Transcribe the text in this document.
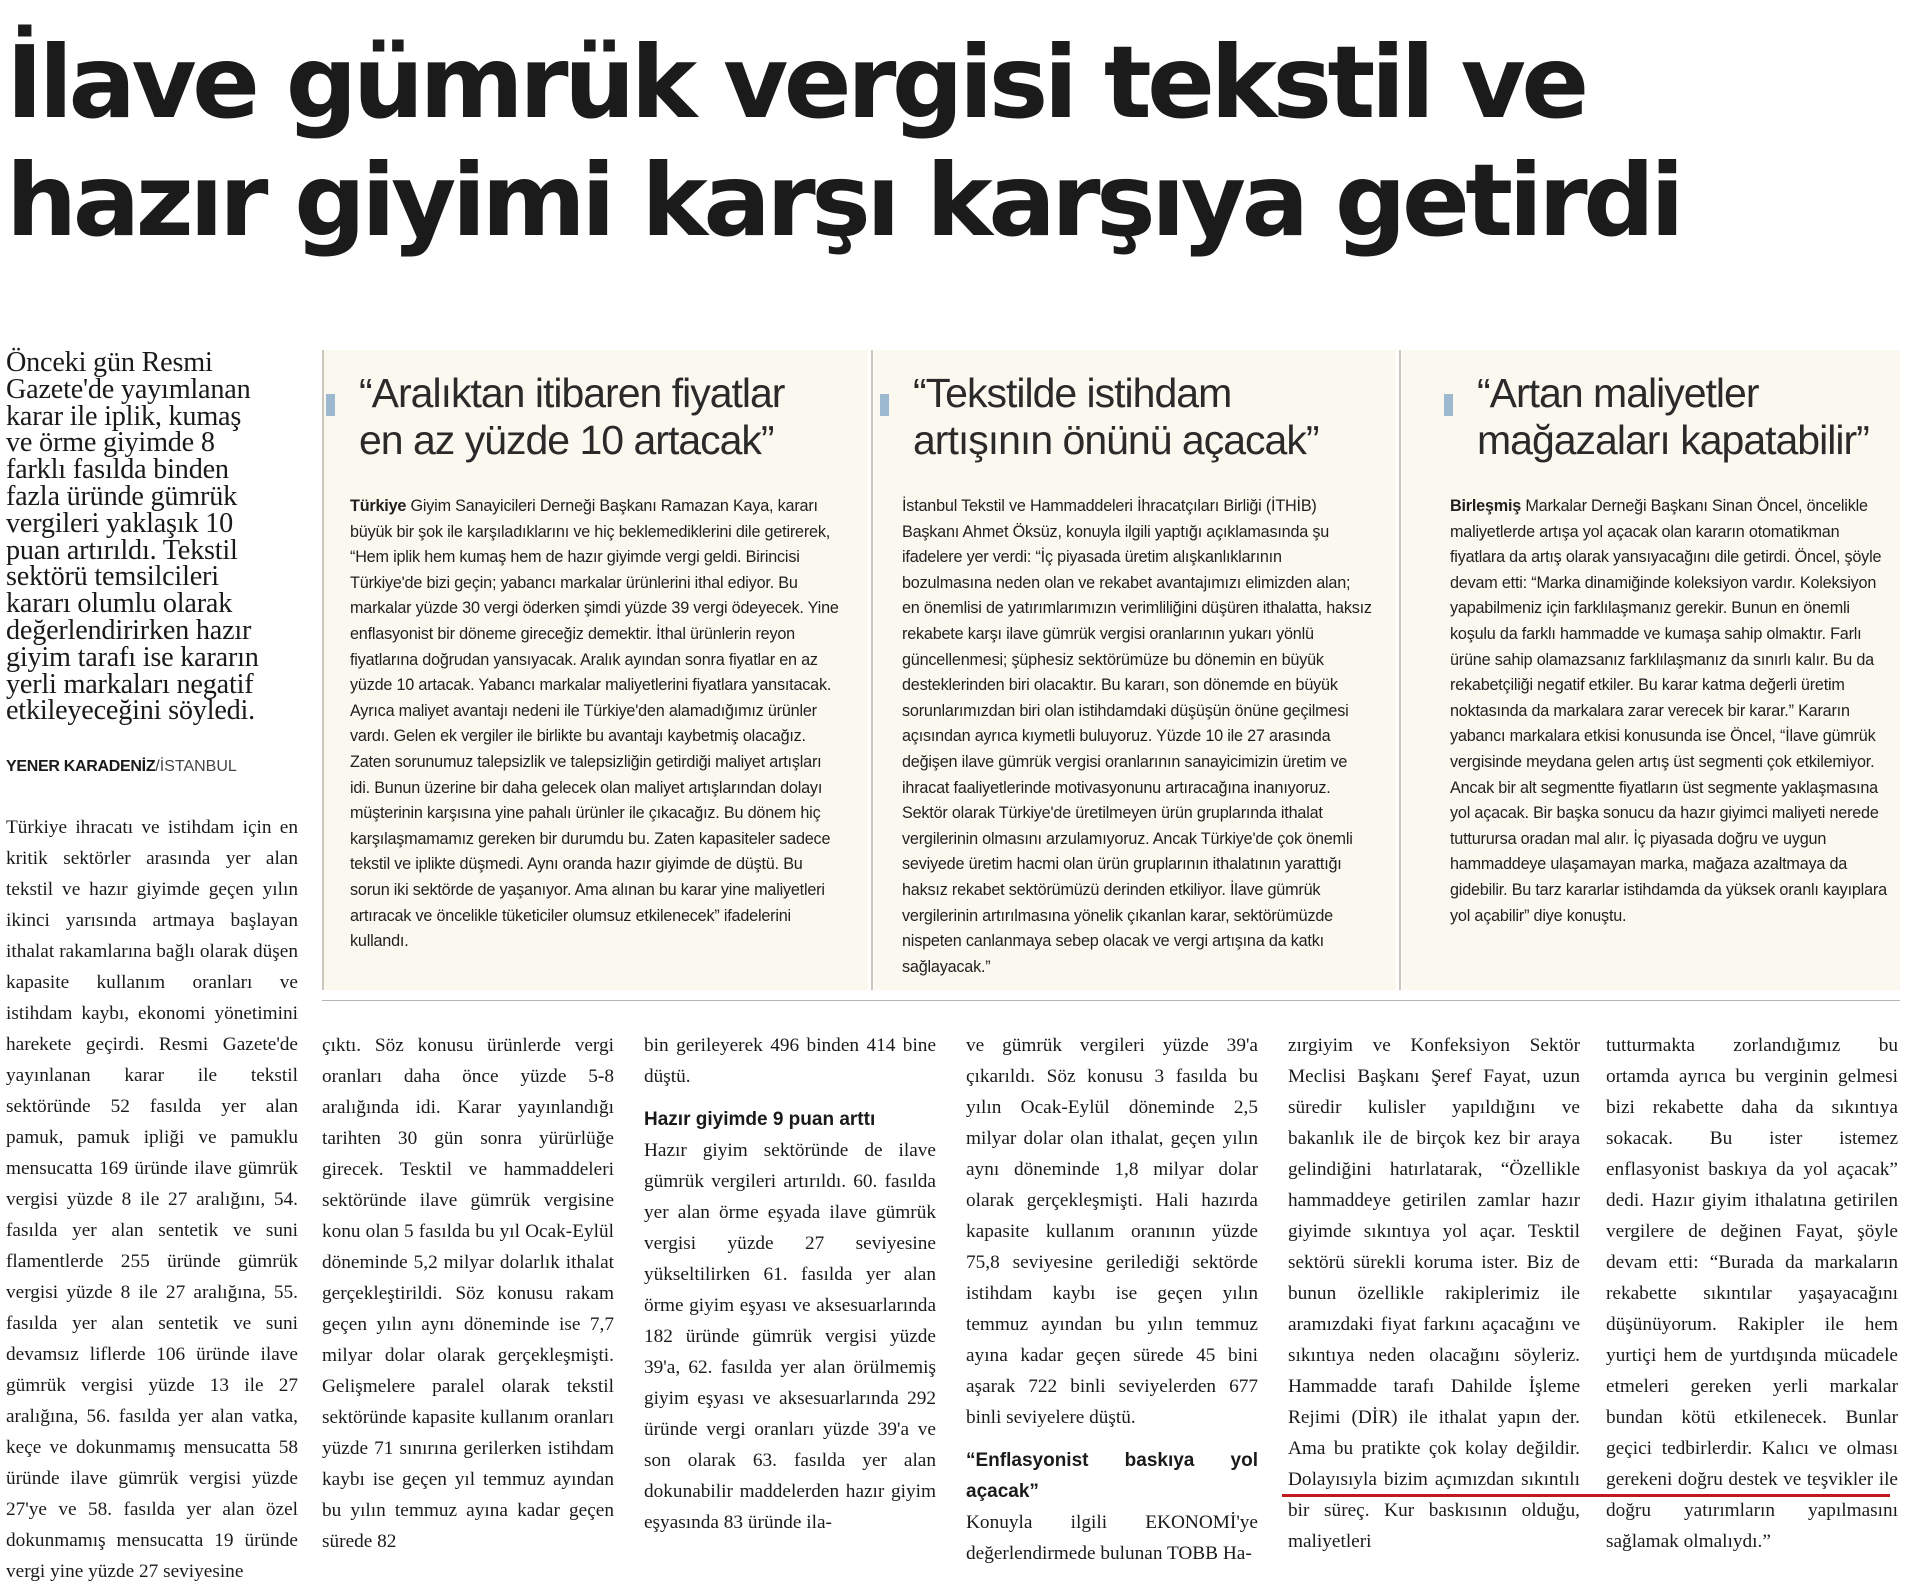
İlave gümrük vergisi tekstil ve
hazır giyimi karşı karşıya getirdi
Önceki gün Resmi Gazete'de yayımlanan karar ile iplik, kumaş ve örme giyimde 8 farklı fasılda binden fazla üründe gümrük vergileri yaklaşık 10 puan artırıldı. Tekstil sektörü temsilcileri kararı olumlu olarak değerlendirirken hazır giyim tarafı ise kararın yerli markaları negatif etkileyeceğini söyledi.
YENER KARADENİZ/İSTANBUL
“Aralıktan itibaren fiyatlar
en az yüzde 10 artacak”
Türkiye Giyim Sanayicileri Derneği Başkanı Ramazan Kaya, kararı büyük bir şok ile karşıladıklarını ve hiç beklemediklerini dile getirerek, “Hem iplik hem kumaş hem de hazır giyimde vergi geldi. Birincisi Türkiye'de bizi geçin; yabancı markalar ürünlerini ithal ediyor. Bu markalar yüzde 30 vergi öderken şimdi yüzde 39 vergi ödeyecek. Yine enflasyonist bir döneme gireceğiz demektir. İthal ürünlerin reyon fiyatlarına doğrudan yansıyacak. Aralık ayından sonra fiyatlar en az yüzde 10 artacak. Yabancı markalar maliyetlerini fiyatlara yansıtacak. Ayrıca maliyet avantajı nedeni ile Türkiye'den alamadığımız ürünler vardı. Gelen ek vergiler ile birlikte bu avantajı kaybetmiş olacağız. Zaten sorunumuz talepsizlik ve talepsizliğin getirdiği maliyet artışları idi. Bunun üzerine bir daha gelecek olan maliyet artışlarından dolayı müşterinin karşısına yine pahalı ürünler ile çıkacağız. Bu dönem hiç karşılaşmamamız gereken bir durumdu bu. Zaten kapasiteler sadece tekstil ve iplikte düşmedi. Aynı oranda hazır giyimde de düştü. Bu sorun iki sektörde de yaşanıyor. Ama alınan bu karar yine maliyetleri artıracak ve öncelikle tüketiciler olumsuz etkilenecek” ifadelerini kullandı.
“Tekstilde istihdam
artışının önünü açacak”
İstanbul Tekstil ve Hammaddeleri İhracatçıları Birliği (İTHİB) Başkanı Ahmet Öksüz, konuyla ilgili yaptığı açıklamasında şu ifadelere yer verdi: “İç piyasada üretim alışkanlıklarının bozulmasına neden olan ve rekabet avantajımızı elimizden alan; en önemlisi de yatırımlarımızın verimliliğini düşüren ithalatta, haksız rekabete karşı ilave gümrük vergisi oranlarının yukarı yönlü güncellenmesi; şüphesiz sektörümüze bu dönemin en büyük desteklerinden biri olacaktır. Bu kararı, son dönemde en büyük sorunlarımızdan biri olan istihdamdaki düşüşün önüne geçilmesi açısından ayrıca kıymetli buluyoruz. Yüzde 10 ile 27 arasında değişen ilave gümrük vergisi oranlarının sanayicimizin üretim ve ihracat faaliyetlerinde motivasyonunu artıracağına inanıyoruz. Sektör olarak Türkiye'de üretilmeyen ürün gruplarında ithalat vergilerinin olmasını arzulamıyoruz. Ancak Türkiye'de çok önemli seviyede üretim hacmi olan ürün gruplarının ithalatının yarattığı haksız rekabet sektörümüzü derinden etkiliyor. İlave gümrük vergilerinin artırılmasına yönelik çıkanlan karar, sektörümüzde nispeten canlanmaya sebep olacak ve vergi artışına da katkı sağlayacak.”
“Artan maliyetler
mağazaları kapatabilir”
Birleşmiş Markalar Derneği Başkanı Sinan Öncel, öncelikle maliyetlerde artışa yol açacak olan kararın otomatikman fiyatlara da artış olarak yansıyacağını dile getirdi. Öncel, şöyle devam etti: “Marka dinamiğinde koleksiyon vardır. Koleksiyon yapabilmeniz için farklılaşmanız gerekir. Bunun en önemli koşulu da farklı hammadde ve kumaşa sahip olmaktır. Farlı ürüne sahip olamazsanız farklılaşmanız da sınırlı kalır. Bu da rekabetçiliği negatif etkiler. Bu karar katma değerli üretim noktasında da markalara zarar verecek bir karar.” Kararın yabancı markalara etkisi konusunda ise Öncel, “İlave gümrük vergisinde meydana gelen artış üst segmenti çok etkilemiyor. Ancak bir alt segmentte fiyatların üst segmente yaklaşmasına yol açacak. Bir başka sonucu da hazır giyimci maliyeti nerede tutturursa oradan mal alır. İç piyasada doğru ve uygun hammaddeye ulaşamayan marka, mağaza azaltmaya da gidebilir. Bu tarz kararlar istihdamda da yüksek oranlı kayıplara yol açabilir” diye konuştu.
Türkiye ihracatı ve istihdam için en kritik sektörler arasında yer alan tekstil ve hazır giyimde geçen yılın ikinci yarısında artmaya başlayan ithalat rakamlarına bağlı olarak düşen kapasite kullanım oranları ve istihdam kaybı, ekonomi yönetimini harekete geçirdi. Resmi Gazete'de yayınlanan karar ile tekstil sektöründe 52 fasılda yer alan pamuk, pamuk ipliği ve pamuklu mensucatta 169 üründe ilave gümrük vergisi yüzde 8 ile 27 aralığını, 54. fasılda yer alan sentetik ve suni flamentlerde 255 üründe gümrük vergisi yüzde 8 ile 27 aralığına, 55. fasılda yer alan sentetik ve suni devamsız liflerde 106 üründe ilave gümrük vergisi yüzde 13 ile 27 aralığına, 56. fasılda yer alan vatka, keçe ve dokunmamış mensucatta 58 üründe ilave gümrük vergisi yüzde 27'ye ve 58. fasılda yer alan özel dokunmamış mensucatta 19 üründe vergi yine yüzde 27 seviyesine
çıktı. Söz konusu ürünlerde vergi oranları daha önce yüzde 5-8 aralığında idi. Karar yayınlandığı tarihten 30 gün sonra yürürlüğe girecek. Tesktil ve hammaddeleri sektöründe ilave gümrük vergisine konu olan 5 fasılda bu yıl Ocak-Eylül döneminde 5,2 milyar dolarlık ithalat gerçekleştirildi. Söz konusu rakam geçen yılın aynı döneminde ise 7,7 milyar dolar olarak gerçekleşmişti. Gelişmelere paralel olarak tekstil sektöründe kapasite kullanım oranları yüzde 71 sınırına gerilerken istihdam kaybı ise geçen yıl temmuz ayından bu yılın temmuz ayına kadar geçen sürede 82
bin gerileyerek 496 binden 414 bine düştü.
Hazır giyimde 9 puan arttı
Hazır giyim sektöründe de ilave gümrük vergileri artırıldı. 60. fasılda yer alan örme eşyada ilave gümrük vergisi yüzde 27 seviyesine yükseltilirken 61. fasılda yer alan örme giyim eşyası ve aksesuarlarında 182 üründe gümrük vergisi yüzde 39'a, 62. fasılda yer alan örülmemiş giyim eşyası ve aksesuarlarında 292 üründe vergi oranları yüzde 39'a ve son olarak 63. fasılda yer alan dokunabilir maddelerden hazır giyim eşyasında 83 üründe ila-
ve gümrük vergileri yüzde 39'a çıkarıldı. Söz konusu 3 fasılda bu yılın Ocak-Eylül döneminde 2,5 milyar dolar olan ithalat, geçen yılın aynı döneminde 1,8 milyar dolar olarak gerçekleşmişti. Hali hazırda kapasite kullanım oranının yüzde 75,8 seviyesine gerilediği sektörde istihdam kaybı ise geçen yılın temmuz ayından bu yılın temmuz ayına kadar geçen sürede 45 bini aşarak 722 binli seviyelerden 677 binli seviyelere düştü.
“Enflasyonist baskıya yol açacak”
Konuyla ilgili EKONOMİ'ye değerlendirmede bulunan TOBB Ha-
zırgiyim ve Konfeksiyon Sektör Meclisi Başkanı Şeref Fayat, uzun süredir kulisler yapıldığını ve bakanlık ile de birçok kez bir araya gelindiğini hatırlatarak, “Özellikle hammaddeye getirilen zamlar hazır giyimde sıkıntıya yol açar. Tesktil sektörü sürekli koruma ister. Biz de bunun özellikle rakiplerimiz ile aramızdaki fiyat farkını açacağını ve sıkıntıya neden olacağını söyleriz. Hammadde tarafı Dahilde İşleme Rejimi (DİR) ile ithalat yapın der. Ama bu pratikte çok kolay değildir. Dolayısıyla bizim açımızdan sıkıntılı bir süreç. Kur baskısının olduğu, maliyetleri
tutturmakta zorlandığımız bu ortamda ayrıca bu verginin gelmesi bizi rekabette daha da sıkıntıya sokacak. Bu ister istemez enflasyonist baskıya da yol açacak” dedi. Hazır giyim ithalatına getirilen vergilere de değinen Fayat, şöyle devam etti: “Burada da markaların rekabette sıkıntılar yaşayacağını düşünüyorum. Rakipler ile hem yurtiçi hem de yurtdışında mücadele etmeleri gereken yerli markalar bundan kötü etkilenecek. Bunlar geçici tedbirlerdir. Kalıcı ve olması gerekeni doğru destek ve teşvikler ile doğru yatırımların yapılmasını sağlamak olmalıydı.”
